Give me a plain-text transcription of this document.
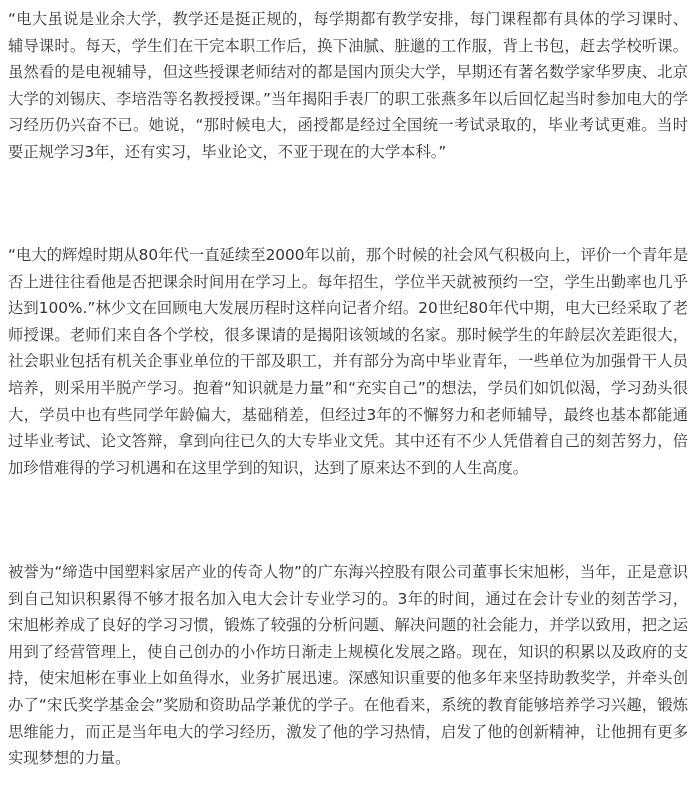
“电大虽说是业余大学，教学还是挺正规的，每学期都有教学安排，每门课程都有具体的学习课时、辅导课时。每天，学生们在干完本职工作后，换下油腻、脏邋的工作服，背上书包，赶去学校听课。虽然看的是电视辅导，但这些授课老师结对的都是国内顶尖大学，早期还有著名数学家华罗庚、北京大学的刘锡庆、李培浩等名教授授课。”当年揭阳手表厂的职工张燕多年以后回忆起当时参加电大的学习经历仍兴奋不已。她说，“那时候电大，函授都是经过全国统一考试录取的，毕业考试更难。当时要正规学习3年，还有实习，毕业论文，不亚于现在的大学本科。”

“电大的辉煌时期从80年代一直延续至2000年以前，那个时候的社会风气积极向上，评价一个青年是否上进往往看他是否把课余时间用在学习上。每年招生，学位半天就被预约一空，学生出勤率也几乎达到100%.”林少文在回顾电大发展历程时这样向记者介绍。20世纪80年代中期，电大已经采取了老师授课。老师们来自各个学校，很多课请的是揭阳该领域的名家。那时候学生的年龄层次差距很大，社会职业包括有机关企事业单位的干部及职工，并有部分为高中毕业青年，一些单位为加强骨干人员培养，则采用半脱产学习。抱着“知识就是力量”和“充实自己”的想法，学员们如饥似渴，学习劲头很大，学员中也有些同学年龄偏大，基础稍差，但经过3年的不懈努力和老师辅导，最终也基本都能通过毕业考试、论文答辩，拿到向往已久的大专毕业文凭。其中还有不少人凭借着自己的刻苦努力，倍加珍惜难得的学习机遇和在这里学到的知识，达到了原来达不到的人生高度。

被誉为“缔造中国塑料家居产业的传奇人物”的广东海兴控股有限公司董事长宋旭彬，当年，正是意识到自己知识积累得不够才报名加入电大会计专业学习的。3年的时间，通过在会计专业的刻苦学习，宋旭彬养成了良好的学习习惯，锻炼了较强的分析问题、解决问题的社会能力，并学以致用，把之运用到了经营管理上，使自己创办的小作坊日渐走上规模化发展之路。现在，知识的积累以及政府的支持，使宋旭彬在事业上如鱼得水，业务扩展迅速。深感知识重要的他多年来坚持助教奖学，并牵头创办了“宋氏奖学基金会”奖励和资助品学兼优的学子。在他看来，系统的教育能够培养学习兴趣，锻炼思维能力，而正是当年电大的学习经历，激发了他的学习热情，启发了他的创新精神，让他拥有更多实现梦想的力量。
